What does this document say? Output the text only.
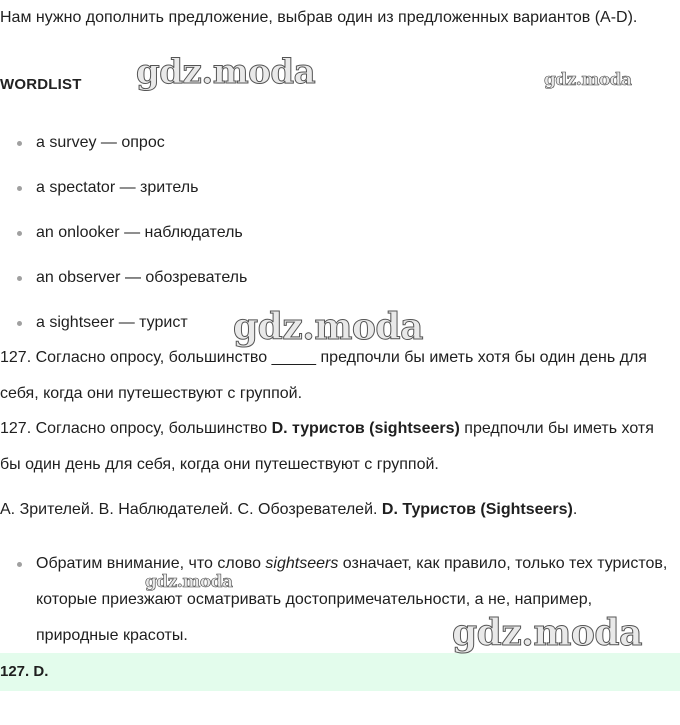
Нам нужно дополнить предложение, выбрав один из предложенных вариантов (A-D).

WORDLIST
a survey — опрос
a spectator — зритель
an onlooker — наблюдатель
an observer — обозреватель
a sightseer — турист

127. Согласно опросу, большинство _____ предпочли бы иметь хотя бы один день для себя, когда они путешествуют с группой.

127. Согласно опросу, большинство D. туристов (sightseers) предпочли бы иметь хотя бы один день для себя, когда они путешествуют с группой.

A. Зрителей. B. Наблюдателей. C. Обозревателей. D. Туристов (Sightseers).

Обратим внимание, что слово sightseers означает, как правило, только тех туристов, которые приезжают осматривать достопримечательности, а не, например, природные красоты.

127. D.
gdz.moda	gdz.moda
gdz.moda
gdz.moda
gdz.moda
